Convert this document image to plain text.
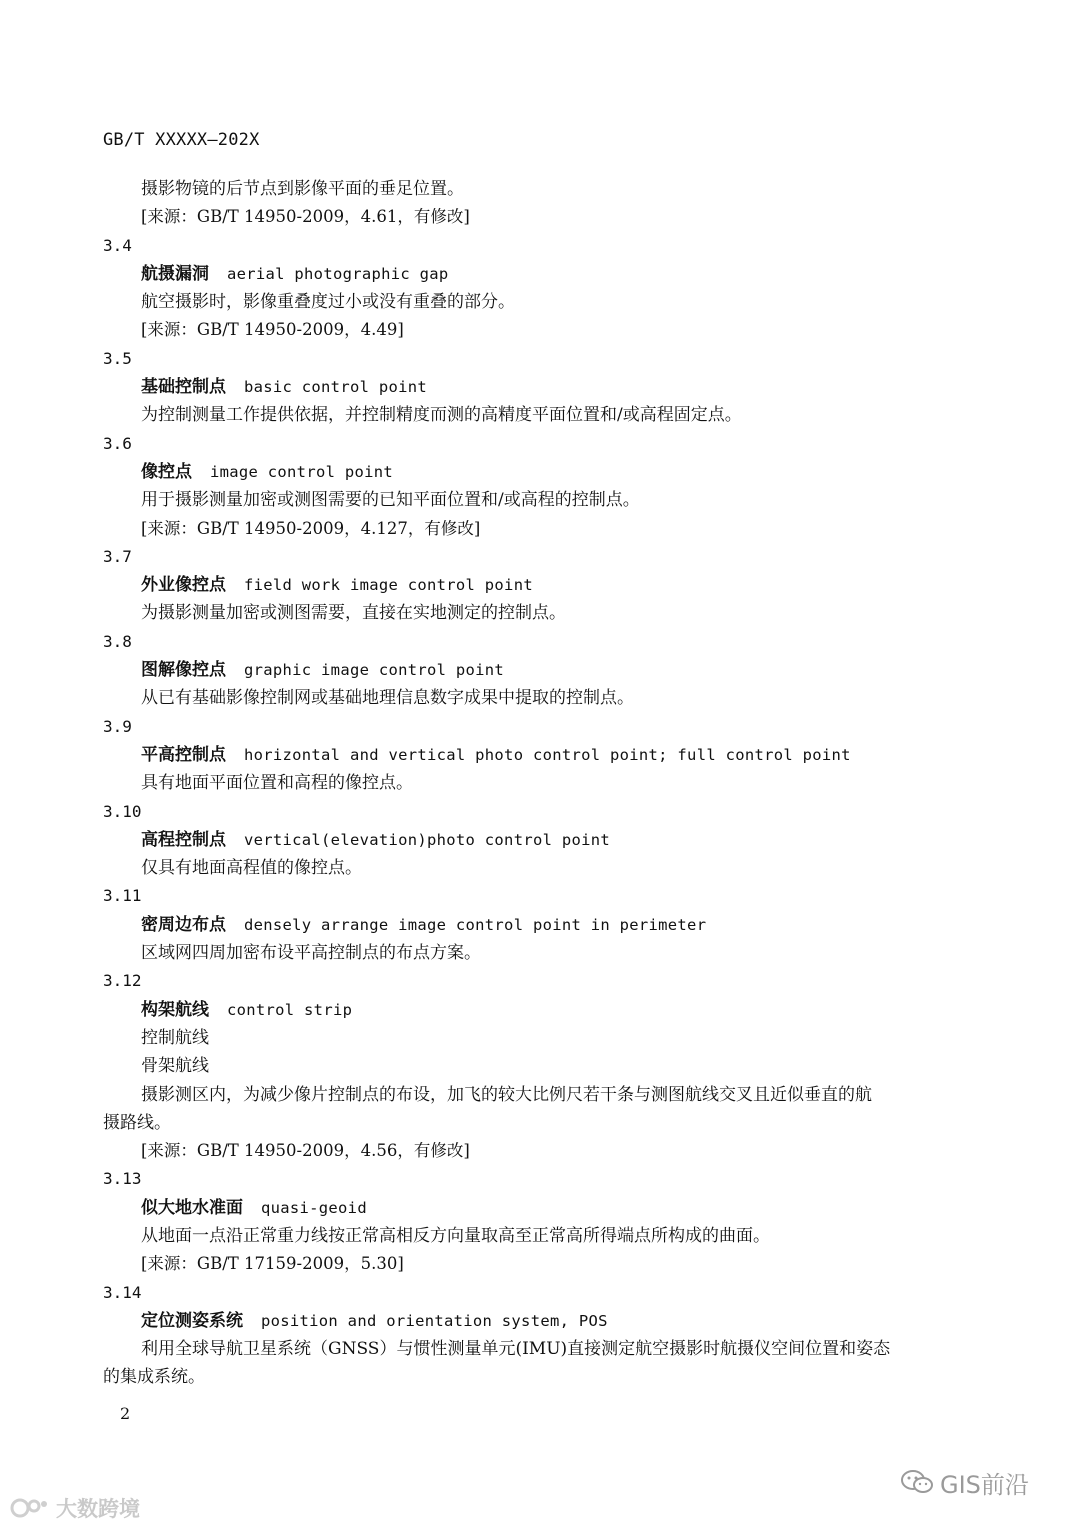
GB/T XXXXX—202X
摄影物镜的后节点到影像平面的垂足位置。
[来源：GB/T 14950-2009，4.61，有修改]
3.4
航摄漏洞 aerial photographic gap
航空摄影时，影像重叠度过小或没有重叠的部分。
[来源：GB/T 14950-2009，4.49]
3.5
基础控制点 basic control point
为控制测量工作提供依据，并控制精度而测的高精度平面位置和/或高程固定点。
3.6
像控点 image control point
用于摄影测量加密或测图需要的已知平面位置和/或高程的控制点。
[来源：GB/T 14950-2009，4.127，有修改]
3.7
外业像控点 field work image control point
为摄影测量加密或测图需要，直接在实地测定的控制点。
3.8
图解像控点 graphic image control point
从已有基础影像控制网或基础地理信息数字成果中提取的控制点。
3.9
平高控制点 horizontal and vertical photo control point; full control point
具有地面平面位置和高程的像控点。
3.10
高程控制点 vertical(elevation)photo control point
仅具有地面高程值的像控点。
3.11
密周边布点 densely arrange image control point in perimeter
区域网四周加密布设平高控制点的布点方案。
3.12
构架航线 control strip
控制航线
骨架航线
摄影测区内，为减少像片控制点的布设，加飞的较大比例尺若干条与测图航线交叉且近似垂直的航
摄路线。
[来源：GB/T 14950-2009，4.56，有修改]
3.13
似大地水准面 quasi-geoid
从地面一点沿正常重力线按正常高相反方向量取高至正常高所得端点所构成的曲面。
[来源：GB/T 17159-2009，5.30]
3.14
定位测姿系统 position and orientation system, POS
利用全球导航卫星系统（GNSS）与惯性测量单元(IMU)直接测定航空摄影时航摄仪空间位置和姿态
的集成系统。
2
大数跨境
GIS前沿
